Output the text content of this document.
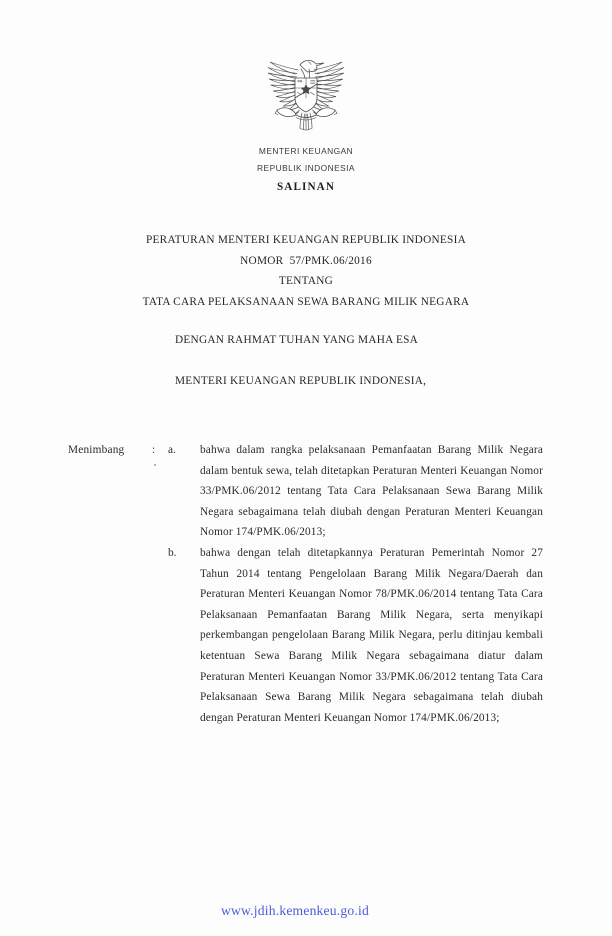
MENTERI KEUANGAN
REPUBLIK INDONESIA
SALINAN
PERATURAN MENTERI KEUANGAN REPUBLIK INDONESIA
NOMOR  57/PMK.06/2016
TENTANG
TATA CARA PELAKSANAAN SEWA BARANG MILIK NEGARA
DENGAN RAHMAT TUHAN YANG MAHA ESA
MENTERI KEUANGAN REPUBLIK INDONESIA,
Menimbang	: a. bahwa dalam rangka pelaksanaan Pemanfaatan Barang Milik Negara dalam bentuk sewa, telah ditetapkan Peraturan Menteri Keuangan Nomor 33/PMK.06/2012 tentang Tata Cara Pelaksanaan Sewa Barang Milik Negara sebagaimana telah diubah dengan Peraturan Menteri Keuangan Nomor 174/PMK.06/2013;
b. bahwa dengan telah ditetapkannya Peraturan Pemerintah Nomor 27 Tahun 2014 tentang Pengelolaan Barang Milik Negara/Daerah dan Peraturan Menteri Keuangan Nomor 78/PMK.06/2014 tentang Tata Cara Pelaksanaan Pemanfaatan Barang Milik Negara, serta menyikapi perkembangan pengelolaan Barang Milik Negara, perlu ditinjau kembali ketentuan Sewa Barang Milik Negara sebagaimana diatur dalam Peraturan Menteri Keuangan Nomor 33/PMK.06/2012 tentang Tata Cara Pelaksanaan Sewa Barang Milik Negara sebagaimana telah diubah dengan Peraturan Menteri Keuangan Nomor 174/PMK.06/2013;
www.jdih.kemenkeu.go.id
